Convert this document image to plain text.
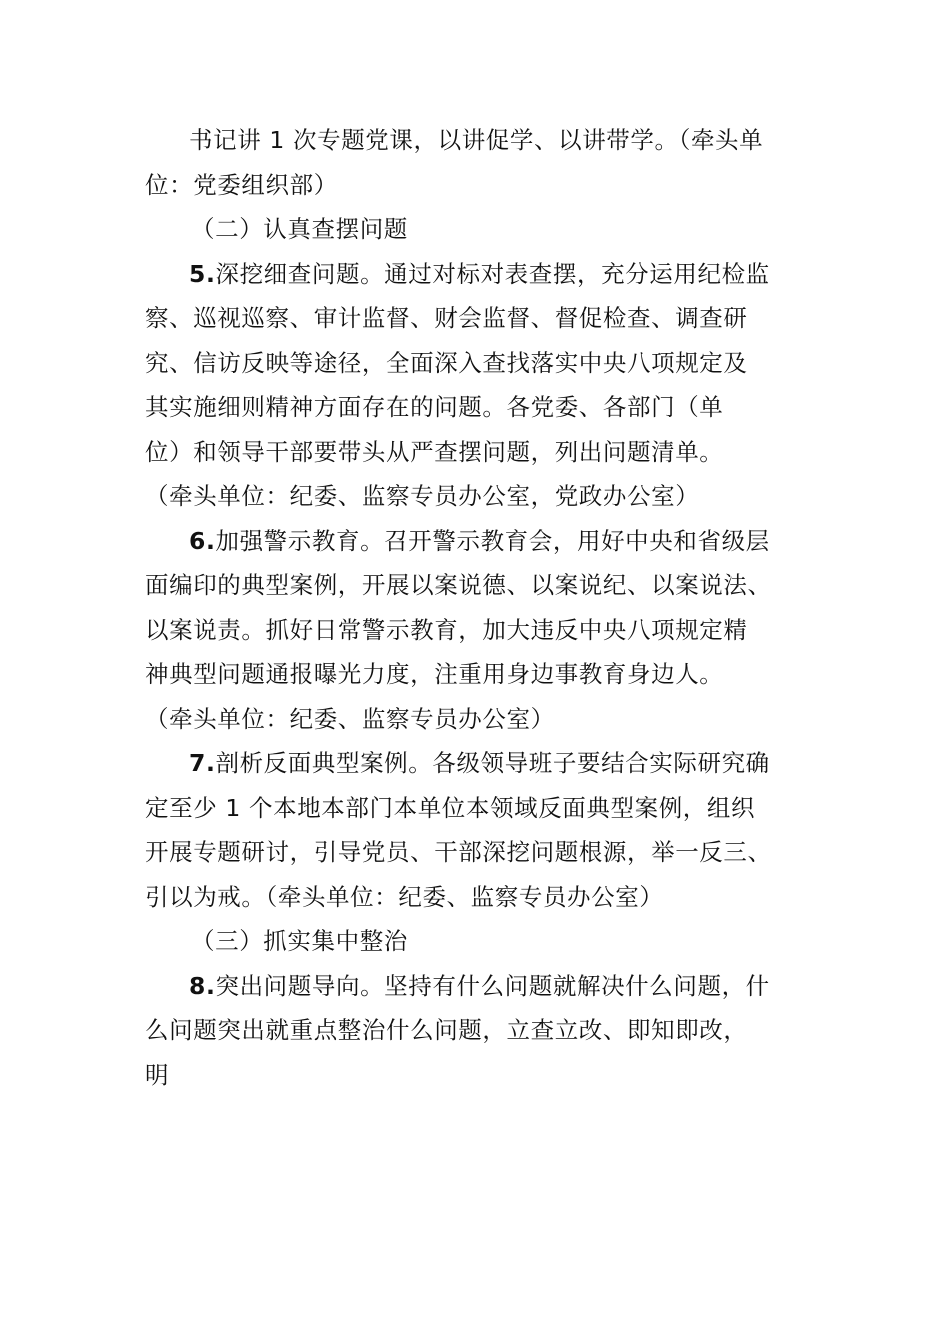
书记讲 1 次专题党课，以讲促学、以讲带学。（牵头单
位：党委组织部）
（二）认真查摆问题
5.深挖细查问题。通过对标对表查摆，充分运用纪检监
察、巡视巡察、审计监督、财会监督、督促检查、调查研
究、信访反映等途径，全面深入查找落实中央八项规定及
其实施细则精神方面存在的问题。各党委、各部门（单
位）和领导干部要带头从严查摆问题，列出问题清单。
（牵头单位：纪委、监察专员办公室，党政办公室）
6.加强警示教育。召开警示教育会，用好中央和省级层
面编印的典型案例，开展以案说德、以案说纪、以案说法、
以案说责。抓好日常警示教育，加大违反中央八项规定精
神典型问题通报曝光力度，注重用身边事教育身边人。
（牵头单位：纪委、监察专员办公室）
7.剖析反面典型案例。各级领导班子要结合实际研究确
定至少 1 个本地本部门本单位本领域反面典型案例，组织
开展专题研讨，引导党员、干部深挖问题根源，举一反三、
引以为戒。（牵头单位：纪委、监察专员办公室）
（三）抓实集中整治
8.突出问题导向。坚持有什么问题就解决什么问题，什
么问题突出就重点整治什么问题，立查立改、即知即改，
明
